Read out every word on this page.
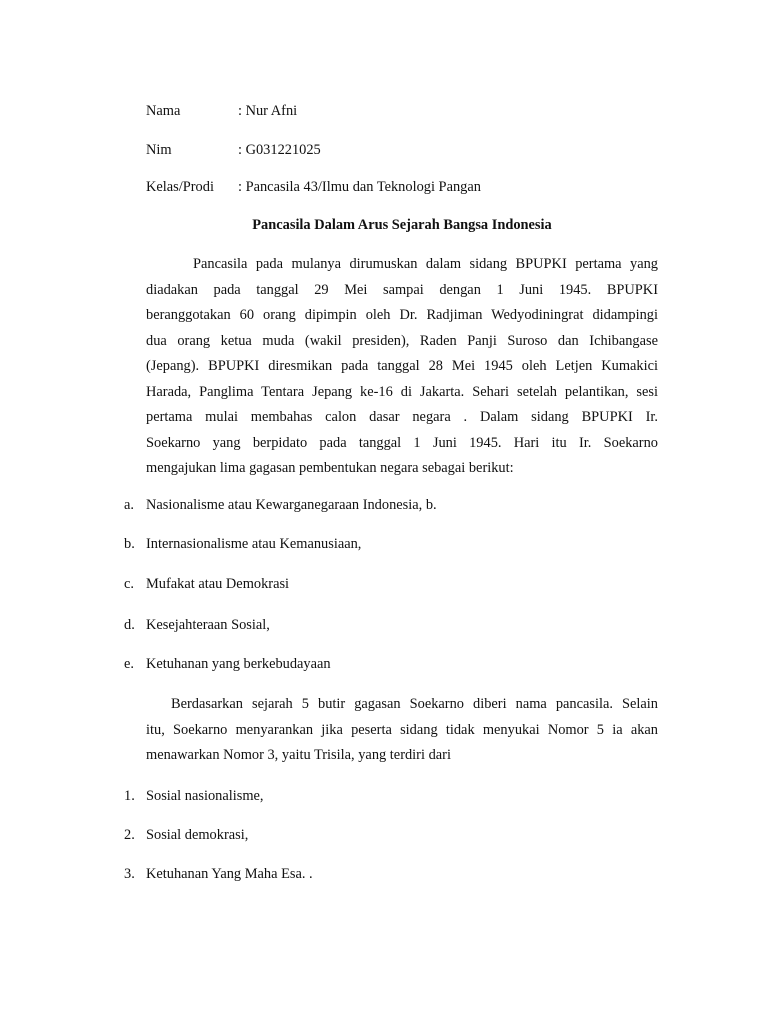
Nama	: Nur Afni
Nim	: G031221025
Kelas/Prodi : Pancasila 43/Ilmu dan Teknologi Pangan
Pancasila Dalam Arus Sejarah Bangsa Indonesia
Pancasila pada mulanya dirumuskan dalam sidang BPUPKI pertama yang
diadakan pada tanggal 29 Mei sampai dengan 1 Juni 1945. BPUPKI
beranggotakan 60 orang dipimpin oleh Dr. Radjiman Wedyodiningrat didampingi
dua orang ketua muda (wakil presiden), Raden Panji Suroso dan Ichibangase
(Jepang). BPUPKI diresmikan pada tanggal 28 Mei 1945 oleh Letjen Kumakici
Harada, Panglima Tentara Jepang ke-16 di Jakarta. Sehari setelah pelantikan, sesi
pertama mulai membahas calon dasar negara . Dalam sidang BPUPKI Ir.
Soekarno yang berpidato pada tanggal 1 Juni 1945. Hari itu Ir. Soekarno
mengajukan lima gagasan pembentukan negara sebagai berikut:
a. Nasionalisme atau Kewarganegaraan Indonesia, b.
b. Internasionalisme atau Kemanusiaan,
c. Mufakat atau Demokrasi
d. Kesejahteraan Sosial,
e. Ketuhanan yang berkebudayaan
Berdasarkan sejarah 5 butir gagasan Soekarno diberi nama pancasila. Selain
itu, Soekarno menyarankan jika peserta sidang tidak menyukai Nomor 5 ia akan
menawarkan Nomor 3, yaitu Trisila, yang terdiri dari
1. Sosial nasionalisme,
2. Sosial demokrasi,
3. Ketuhanan Yang Maha Esa. .
